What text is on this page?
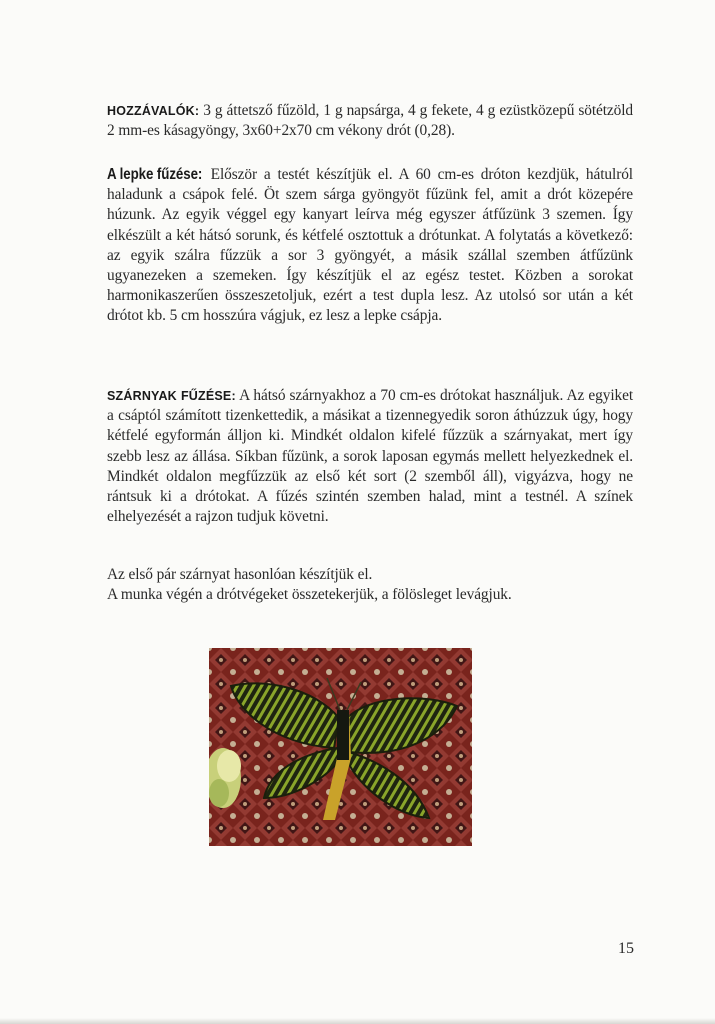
HOZZÁVALÓK: 3 g áttetsző fűzöld, 1 g napsárga, 4 g fekete, 4 g ezüstközepű sötétzöld 2 mm-es kásagyöngy, 3x60+2x70 cm vékony drót (0,28).

A lepke fűzése: Először a testét készítjük el. A 60 cm-es dróton kezdjük, hátulról haladunk a csápok felé. Öt szem sárga gyöngyöt fűzünk fel, amit a drót közepére húzunk. Az egyik véggel egy kanyart leírva még egyszer átfűzünk 3 szemen. Így elkészült a két hátsó sorunk, és kétfelé osztottuk a drótunkat. A folytatás a következő: az egyik szálra fűzzük a sor 3 gyöngyét, a másik szállal szemben átfűzünk ugyanezeken a szemeken. Így készítjük el az egész testet. Közben a sorokat harmonikaszerűen összeszetoljuk, ezért a test dupla lesz. Az utolsó sor után a két drótot kb. 5 cm hosszúra vágjuk, ez lesz a lepke csápja.

SZÁRNYAK FŰZÉSE: A hátsó szárnyakhoz a 70 cm-es drótokat használjuk. Az egyiket a csáptól számított tizenkettedik, a másikat a tizennegyedik soron áthúzzuk úgy, hogy kétfelé egyformán álljon ki. Mindkét oldalon kifelé fűzzük a szárnyakat, mert így szebb lesz az állása. Síkban fűzünk, a sorok laposan egymás mellett helyezkednek el. Mindkét oldalon megfűzzük az első két sort (2 szemből áll), vigyázva, hogy ne rántsuk ki a drótokat. A fűzés szintén szemben halad, mint a testnél. A színek elhelyezését a rajzon tudjuk követni.

Az első pár szárnyat hasonlóan készítjük el.

A munka végén a drótvégeket összetekerjük, a fölösleget levágjuk.

15
